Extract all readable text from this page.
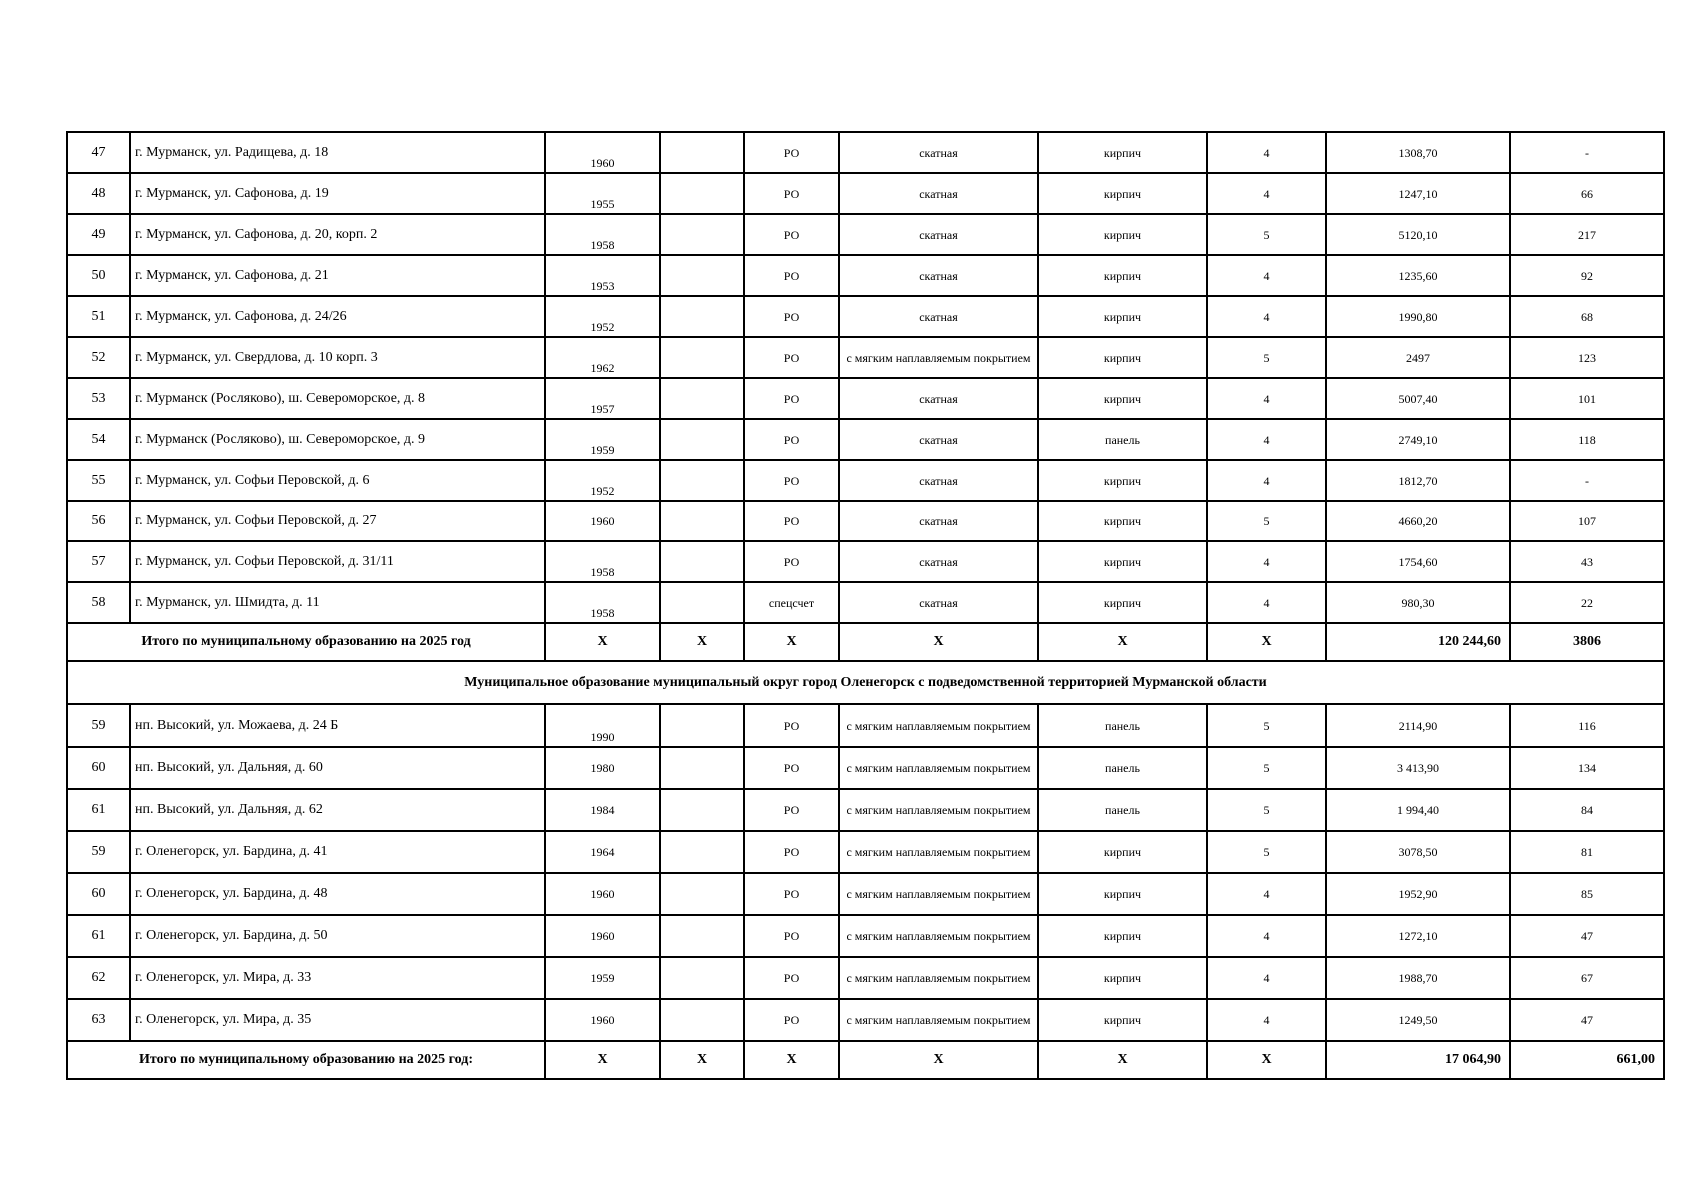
47	г. Мурманск, ул. Радищева, д. 18	1960		РО	скатная	кирпич	4	1308,70	-
48	г. Мурманск, ул. Сафонова, д. 19	1955		РО	скатная	кирпич	4	1247,10	66
49	г. Мурманск, ул. Сафонова, д. 20, корп. 2	1958		РО	скатная	кирпич	5	5120,10	217
50	г. Мурманск, ул. Сафонова, д. 21	1953		РО	скатная	кирпич	4	1235,60	92
51	г. Мурманск, ул. Сафонова, д. 24/26	1952		РО	скатная	кирпич	4	1990,80	68
52	г. Мурманск, ул. Свердлова, д. 10 корп. 3	1962		РО	с мягким наплавляемым покрытием	кирпич	5	2497	123
53	г. Мурманск (Росляково), ш. Североморское, д. 8	1957		РО	скатная	кирпич	4	5007,40	101
54	г. Мурманск (Росляково), ш. Североморское, д. 9	1959		РО	скатная	панель	4	2749,10	118
55	г. Мурманск, ул. Софьи Перовской, д. 6	1952		РО	скатная	кирпич	4	1812,70	-
56	г. Мурманск, ул. Софьи Перовской, д. 27	1960		РО	скатная	кирпич	5	4660,20	107
57	г. Мурманск, ул. Софьи Перовской, д. 31/11	1958		РО	скатная	кирпич	4	1754,60	43
58	г. Мурманск, ул. Шмидта, д. 11	1958		спецсчет	скатная	кирпич	4	980,30	22
Итого по муниципальному образованию на 2025 год		Х	Х	Х	Х	Х	Х	120 244,60	3806
Муниципальное образование муниципальный округ город Оленегорск с подведомственной территорией Мурманской области									
59	нп. Высокий, ул. Можаева, д. 24 Б	1990		РО	с мягким наплавляемым покрытием	панель	5	2114,90	116
60	нп. Высокий, ул. Дальняя, д. 60	1980		РО	с мягким наплавляемым покрытием	панель	5	3 413,90	134
61	нп. Высокий, ул. Дальняя, д. 62	1984		РО	с мягким наплавляемым покрытием	панель	5	1 994,40	84
59	г. Оленегорск, ул. Бардина, д. 41	1964		РО	с мягким наплавляемым покрытием	кирпич	5	3078,50	81
60	г. Оленегорск, ул. Бардина, д. 48	1960		РО	с мягким наплавляемым покрытием	кирпич	4	1952,90	85
61	г. Оленегорск, ул. Бардина, д. 50	1960		РО	с мягким наплавляемым покрытием	кирпич	4	1272,10	47
62	г. Оленегорск, ул. Мира, д. 33	1959		РО	с мягким наплавляемым покрытием	кирпич	4	1988,70	67
63	г. Оленегорск, ул. Мира, д. 35	1960		РО	с мягким наплавляемым покрытием	кирпич	4	1249,50	47
Итого по муниципальному образованию на 2025 год:		Х	Х	Х	Х	Х	Х	17 064,90	661,00
